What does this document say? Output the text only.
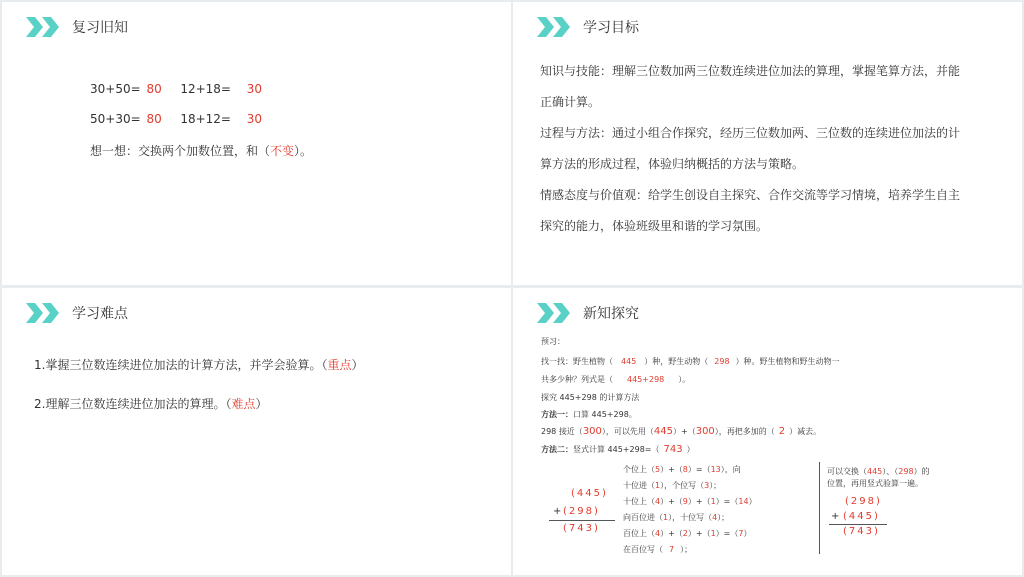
复习旧知
30+50= 80 12+18= 30
50+30= 80 18+12= 30
想一想：交换两个加数位置，和（不变）。
学习目标

知识与技能：理解三位数加两三位数连续进位加法的算理，掌握笔算方法，并能

正确计算。

过程与方法：通过小组合作探究，经历三位数加两、三位数的连续进位加法的计

算方法的形成过程，体验归纳概括的方法与策略。

情感态度与价值观：给学生创设自主探究、合作交流等学习情境，培养学生自主

探究的能力，体验班级里和谐的学习氛围。

学习难点
1.掌握三位数连续进位加法的计算方法，并学会验算。（重点）
2.理解三位数连续进位加法的算理。（难点）
新知探究
预习：
找一找：野生植物（ 445 ）种，野生动物（ 298 ）种。野生植物和野生动物一
共多少种？列式是（ 445+298 ）。
探究 445+298 的计算方法
方法一：口算 445+298。
298 接近（300），可以先用（445）+（300），再把多加的（ 2 ）减去。
方法二：竖式计算 445+298=（ 743 ）
(445)
+ (298)
(743)
个位上（5）+（8）=（13），向
十位进（1），个位写（3）；
十位上（4）+（9）+（1）=（14）
向百位进（1），十位写（4）；
百位上（4）+（2）+（1）=（7）
在百位写（ 7 ）；
可以交换（445）、（298）的
位置，再用竖式验算一遍。
(298)
+ (445)
(743)
